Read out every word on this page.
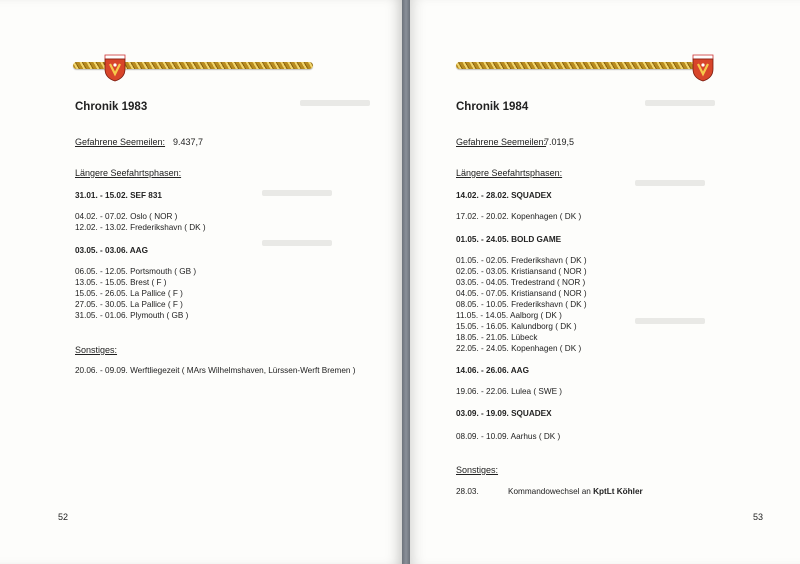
Chronik 1983
Gefahrene Seemeilen: 9.437,7
Längere Seefahrtsphasen:
31.01. - 15.02. SEF 831
04.02. - 07.02. Oslo ( NOR )
12.02. - 13.02. Frederikshavn ( DK )
03.05. - 03.06. AAG
06.05. - 12.05. Portsmouth ( GB )
13.05. - 15.05. Brest ( F )
15.05. - 26.05. La Pallice ( F )
27.05. - 30.05. La Pallice ( F )
31.05. - 01.06. Plymouth ( GB )
Sonstiges:
20.06. - 09.09. Werftliegezeit ( MArs Wilhelmshaven, Lürssen-Werft Bremen )
52
Chronik 1984
Gefahrene Seemeilen:
7.019,5
Längere Seefahrtsphasen:
14.02. - 28.02. SQUADEX
17.02. - 20.02. Kopenhagen ( DK )
01.05. - 24.05. BOLD GAME
01.05. - 02.05. Frederikshavn ( DK )
02.05. - 03.05. Kristiansand ( NOR )
03.05. - 04.05. Tredestrand ( NOR )
04.05. - 07.05. Kristiansand ( NOR )
08.05. - 10.05. Frederikshavn ( DK )
11.05. - 14.05. Aalborg ( DK )
15.05. - 16.05. Kalundborg ( DK )
18.05. - 21.05. Lübeck
22.05. - 24.05. Kopenhagen ( DK )
14.06. - 26.06. AAG
19.06. - 22.06. Lulea ( SWE )
03.09. - 19.09. SQUADEX
08.09. - 10.09. Aarhus ( DK )
Sonstiges:
28.03.	Kommandowechsel an KptLt Köhler
53
